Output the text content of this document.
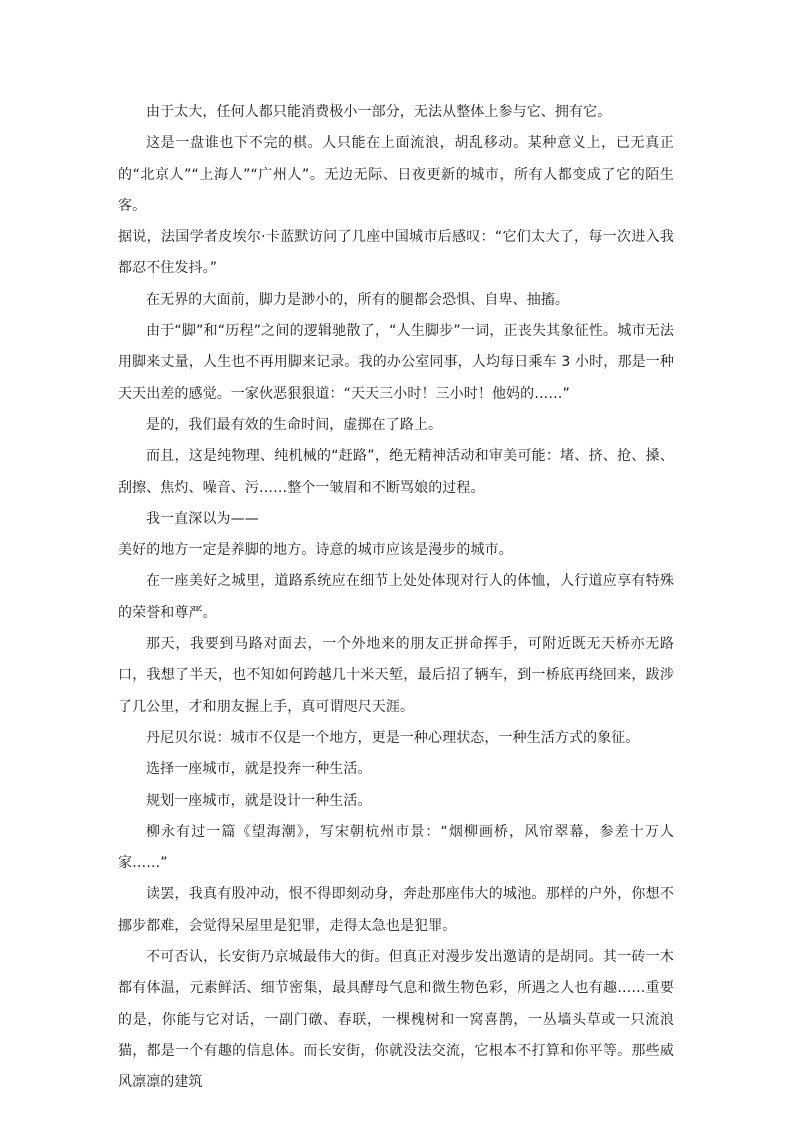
由于太大，任何人都只能消费极小一部分，无法从整体上参与它、拥有它。

这是一盘谁也下不完的棋。人只能在上面流浪，胡乱移动。某种意义上，已无真正的“北京人”“上海人”“广州人”。无边无际、日夜更新的城市，所有人都变成了它的陌生客。

据说，法国学者皮埃尔·卡蓝默访问了几座中国城市后感叹：“它们太大了，每一次进入我都忍不住发抖。”

在无界的大面前，脚力是渺小的，所有的腿都会恐惧、自卑、抽搐。

由于“脚”和“历程”之间的逻辑驰散了，“人生脚步”一词，正丧失其象征性。城市无法用脚来丈量，人生也不再用脚来记录。我的办公室同事，人均每日乘车 3 小时，那是一种天天出差的感觉。一家伙恶狠狠道：“天天三小时！三小时！他妈的……”

是的，我们最有效的生命时间，虚掷在了路上。

而且，这是纯物理、纯机械的“赶路”，绝无精神活动和审美可能：堵、挤、抢、搡、刮擦、焦灼、噪音、污……整个一皱眉和不断骂娘的过程。

我一直深以为——

美好的地方一定是养脚的地方。诗意的城市应该是漫步的城市。

在一座美好之城里，道路系统应在细节上处处体现对行人的体恤，人行道应享有特殊的荣誉和尊严。

那天，我要到马路对面去，一个外地来的朋友正拼命挥手，可附近既无天桥亦无路口，我想了半天，也不知如何跨越几十米天堑，最后招了辆车，到一桥底再绕回来，跋涉了几公里，才和朋友握上手，真可谓咫尺天涯。

丹尼贝尔说：城市不仅是一个地方，更是一种心理状态，一种生活方式的象征。

选择一座城市，就是投奔一种生活。

规划一座城市，就是设计一种生活。

柳永有过一篇《望海潮》，写宋朝杭州市景：“烟柳画桥，风帘翠幕，参差十万人家……”

读罢，我真有股冲动，恨不得即刻动身，奔赴那座伟大的城池。那样的户外，你想不挪步都难，会觉得呆屋里是犯罪，走得太急也是犯罪。

不可否认，长安街乃京城最伟大的街。但真正对漫步发出邀请的是胡同。其一砖一木都有体温，元素鲜活、细节密集，最具酵母气息和微生物色彩，所遇之人也有趣……重要的是，你能与它对话，一副门礅、春联，一棵槐树和一窝喜鹊，一丛墙头草或一只流浪猫，都是一个有趣的信息体。而长安街，你就没法交流，它根本不打算和你平等。那些威风凛凛的建筑
